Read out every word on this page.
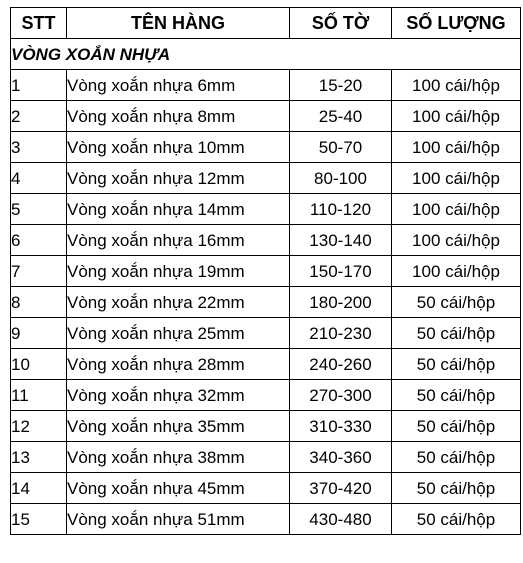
STT	TÊN HÀNG	SỐ TỜ	SỐ LƯỢNG
VÒNG XOẮN NHỰA			
1	Vòng xoắn nhựa 6mm	15-20	100 cái/hộp
2	Vòng xoắn nhựa 8mm	25-40	100 cái/hộp
3	Vòng xoắn nhựa 10mm	50-70	100 cái/hộp
4	Vòng xoắn nhựa 12mm	80-100	100 cái/hộp
5	Vòng xoắn nhựa 14mm	110-120	100 cái/hộp
6	Vòng xoắn nhựa 16mm	130-140	100 cái/hộp
7	Vòng xoắn nhựa 19mm	150-170	100 cái/hộp
8	Vòng xoắn nhựa 22mm	180-200	50 cái/hộp
9	Vòng xoắn nhựa 25mm	210-230	50 cái/hộp
10	Vòng xoắn nhựa 28mm	240-260	50 cái/hộp
11	Vòng xoắn nhựa 32mm	270-300	50 cái/hộp
12	Vòng xoắn nhựa 35mm	310-330	50 cái/hộp
13	Vòng xoắn nhựa 38mm	340-360	50 cái/hộp
14	Vòng xoắn nhựa 45mm	370-420	50 cái/hộp
15	Vòng xoắn nhựa 51mm	430-480	50 cái/hộp
